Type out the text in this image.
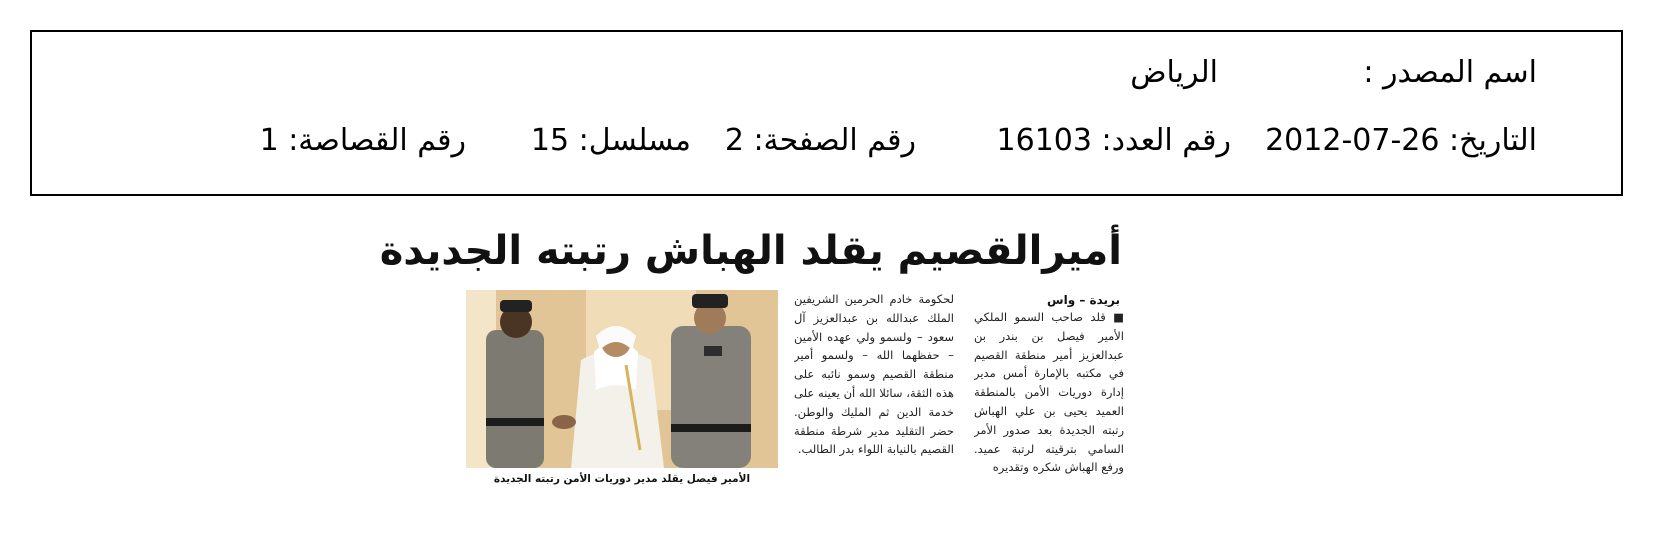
اسم المصدر :
الرياض
التاريخ: 26-07-2012
رقم العدد: 16103
رقم الصفحة: 2
مسلسل: 15
رقم القصاصة: 1
أميرالقصيم يقلد الهباش رتبته الجديدة
بريدة – واس
■ قلد صاحب السمو الملكي الأمير فيصل بن بندر بن عبدالعزيز أمير منطقة القصيم في مكتبه بالإمارة أمس مدير إدارة دوريات الأمن بالمنطقة العميد يحيى بن علي الهباش رتبته الجديدة بعد صدور الأمر السامي بترقيته لرتبة عميد. ورفع الهباش شكره وتقديره
لحكومة خادم الحرمين الشريفين الملك عبدالله بن عبدالعزيز آل سعود – ولسمو ولي عهده الأمين – حفظهما الله – ولسمو أمير منطقة القصيم وسمو نائبه على هذه الثقة، سائلا الله أن يعينه على خدمة الدين ثم المليك والوطن. حضر التقليد مدير شرطة منطقة القصيم بالنيابة اللواء بدر الطالب.
الأمير فيصل يقلد مدير دوريات الأمن رتبته الجديدة
